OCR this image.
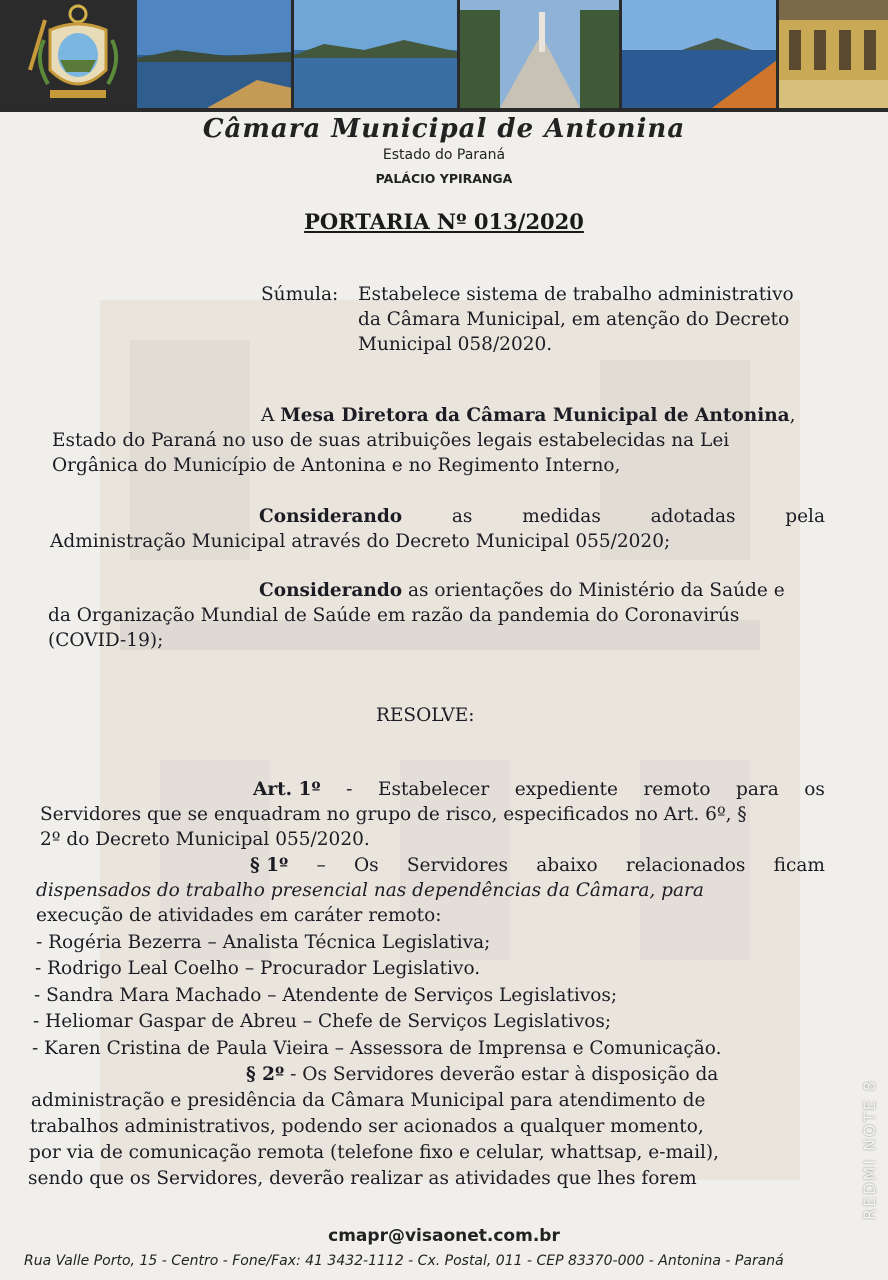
Câmara Municipal de Antonina
Estado do Paraná
PALÁCIO YPIRANGA
PORTARIA Nº 013/2020
Súmula: Estabelece sistema de trabalho administrativo
da Câmara Municipal, em atenção do Decreto
Municipal 058/2020.
A Mesa Diretora da Câmara Municipal de Antonina,
Estado do Paraná no uso de suas atribuições legais estabelecidas na Lei
Orgânica do Município de Antonina e no Regimento Interno,
Considerando	as	medidas	adotadas	pela
Administração Municipal através do Decreto Municipal 055/2020;
Considerando as orientações do Ministério da Saúde e
da Organização Mundial de Saúde em razão da pandemia do Coronavirús
(COVID-19);
RESOLVE:
Art. 1º - Estabelecer expediente remoto para os
Servidores que se enquadram no grupo de risco, especificados no Art. 6º, §
2º do Decreto Municipal 055/2020.
§ 1º – Os Servidores abaixo relacionados ficam
dispensados do trabalho presencial nas dependências da Câmara, para
execução de atividades em caráter remoto:
- Rogéria Bezerra – Analista Técnica Legislativa;
- Rodrigo Leal Coelho – Procurador Legislativo.
- Sandra Mara Machado – Atendente de Serviços Legislativos;
- Heliomar Gaspar de Abreu – Chefe de Serviços Legislativos;
- Karen Cristina de Paula Vieira – Assessora de Imprensa e Comunicação.
§ 2º - Os Servidores deverão estar à disposição da
administração e presidência da Câmara Municipal para atendimento de
trabalhos administrativos, podendo ser acionados a qualquer momento,
por via de comunicação remota (telefone fixo e celular, whattsap, e-mail),
sendo que os Servidores, deverão realizar as atividades que lhes forem
cmapr@visaonet.com.br
Rua Valle Porto, 15 - Centro - Fone/Fax: 41 3432-1112 - Cx. Postal, 011 - CEP 83370-000 - Antonina - Paraná
REDMI NOTE 8
